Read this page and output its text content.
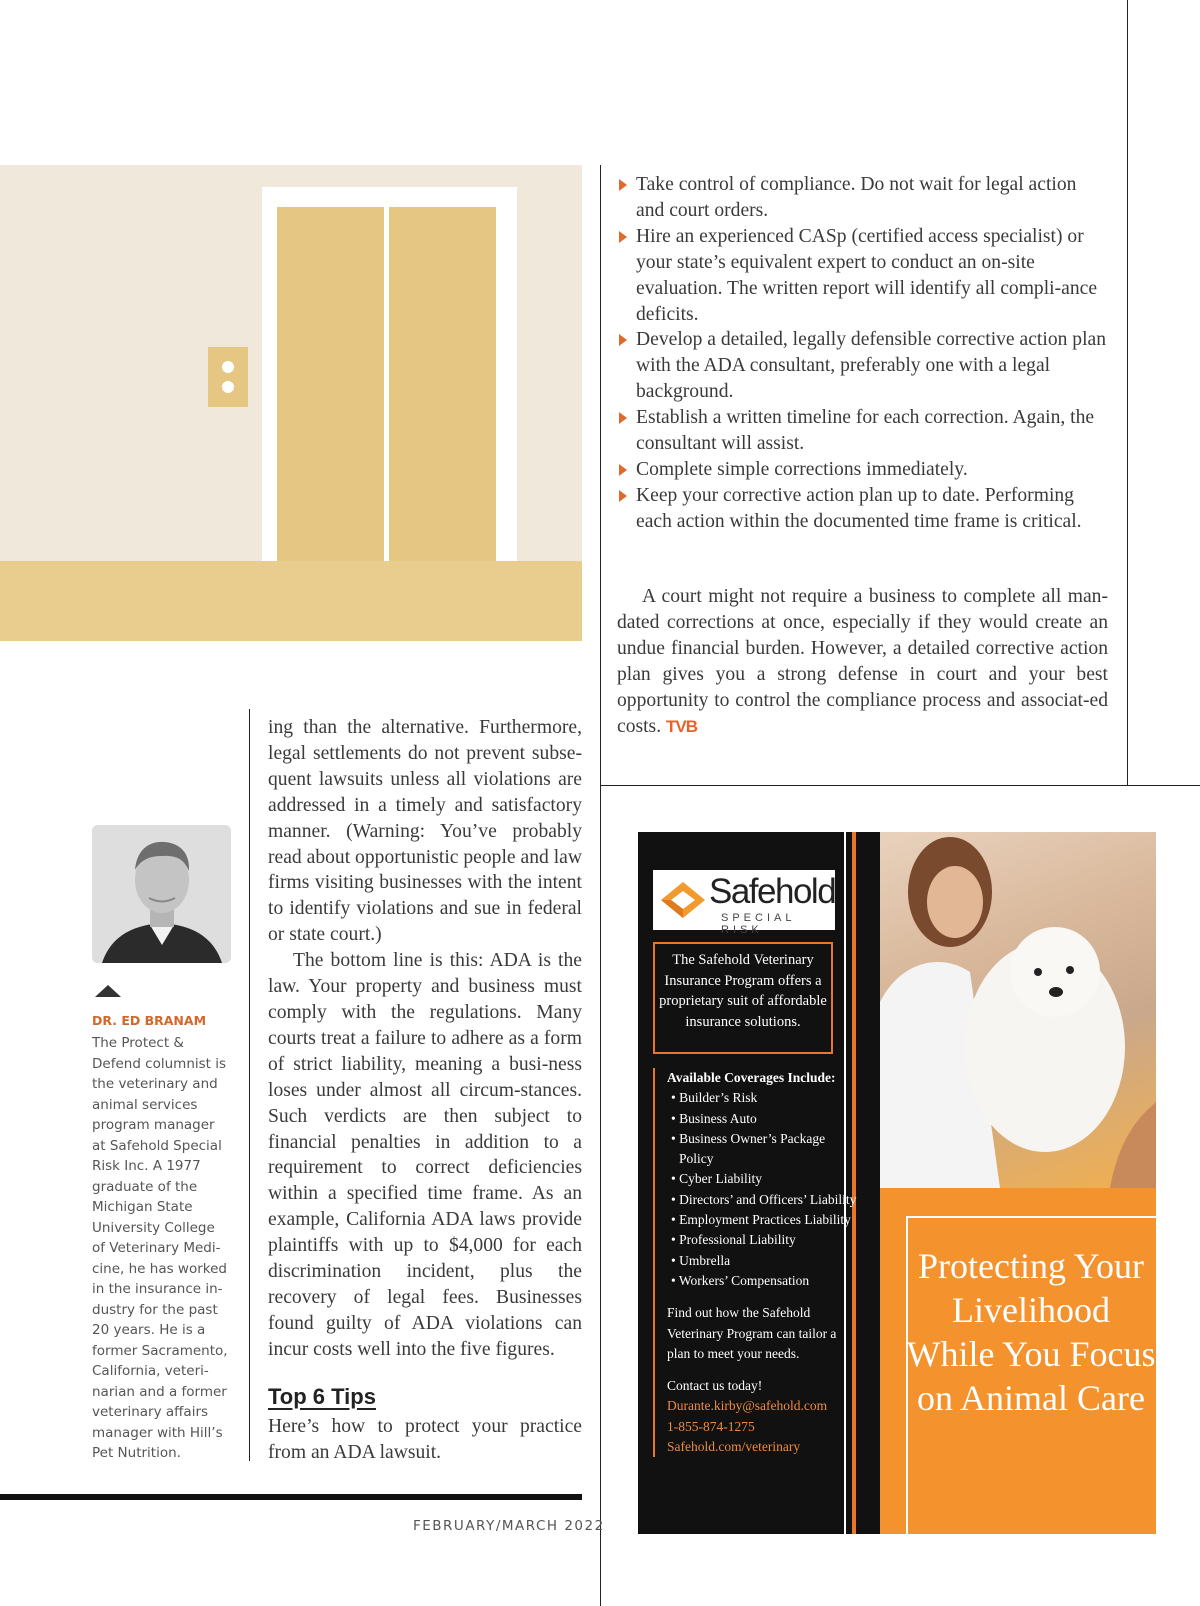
Take control of compliance. Do not wait for legal action and court orders.
Hire an experienced CASp (certified access specialist) or your state’s equivalent expert to conduct an on-site evaluation. The written report will identify all compli-ance deficits.
Develop a detailed, legally defensible corrective action plan with the ADA consultant, preferably one with a legal background.
Establish a written timeline for each correction. Again, the consultant will assist.
Complete simple corrections immediately.
Keep your corrective action plan up to date. Performing each action within the documented time frame is critical.
A court might not require a business to complete all man-dated corrections at once, especially if they would create an undue financial burden. However, a detailed corrective action plan gives you a strong defense in court and your best opportunity to control the compliance process and associat-ed costs. TVB

ing than the alternative. Furthermore, legal settlements do not prevent subse-quent lawsuits unless all violations are addressed in a timely and satisfactory manner. (Warning: You’ve probably read about opportunistic people and law firms visiting businesses with the intent to identify violations and sue in federal or state court.)

The bottom line is this: ADA is the law. Your property and business must comply with the regulations. Many courts treat a failure to adhere as a form of strict liability, meaning a busi-ness loses under almost all circum-stances. Such verdicts are then subject to financial penalties in addition to a requirement to correct deficiencies within a specified time frame. As an example, California ADA laws provide plaintiffs with up to $4,000 for each discrimination incident, plus the recovery of legal fees. Businesses found guilty of ADA violations can incur costs well into the five figures.

Top 6 Tips
Here’s how to protect your practice from an ADA lawsuit.
DR. ED BRANAM
The Protect & Defend columnist is the veterinary and animal services program manager at Safehold Special Risk Inc. A 1977 graduate of the Michigan State University College of Veterinary Medi-cine, he has worked in the insurance in-dustry for the past 20 years. He is a former Sacramento, California, veteri-narian and a former veterinary affairs manager with Hill’s Pet Nutrition.
FEBRUARY/MARCH 2022
Protecting Your Livelihood While You Focus on Animal Care
Safehold
SPECIAL RISK
The Safehold Veterinary Insurance Program offers a proprietary suit of affordable insurance solutions.

Available Coverages Include:

• Builder’s Risk

• Business Auto

• Business Owner’s Package Policy

• Cyber Liability

• Directors’ and Officers’ Liability

• Employment Practices Liability

• Professional Liability

• Umbrella

• Workers’ Compensation

Find out how the Safehold Veterinary Program can tailor a plan to meet your needs.

Contact us today!

Durante.kirby@safehold.com

1-855-874-1275

Safehold.com/veterinary
